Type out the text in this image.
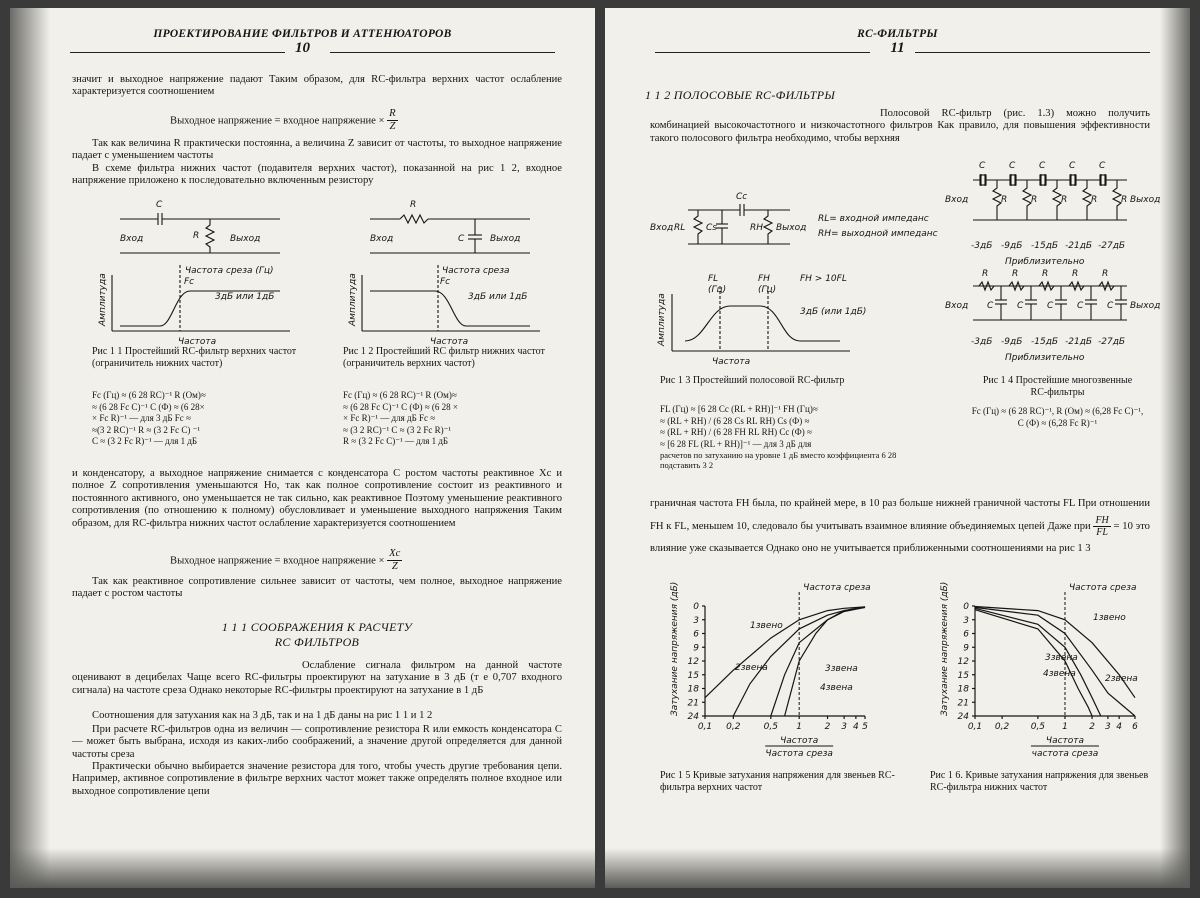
ПРОЕКТИРОВАНИЕ ФИЛЬТРОВ И АТТЕНЮАТОРОВ
10
значит и выходное напряжение падают Таким образом, для RC-фильтра верхних частот ослабление характеризуется соотношением
Выходное напряжение = входное напряжение × $\frac{R}{Z}$
Так как величина R практически постоянна, а величина Z зависит от частоты, то выходное напряжение падает с уменьшением частоты
В схеме фильтра нижних частот (подавителя верхних частот), показанной на рис 1 2, входное напряжение приложено к последовательно включенным резистору
C
R
Вход	Выход
Частота среза (Гц)
Fc
3дБ или 1дБ
Амплитуда
Частота
R
C
Вход	Выход
Частота среза
Fc
3дБ или 1дБ
Амплитуда
Частота
Рис 1 1 Простейший RC-фильтр верхних частот (ограничитель нижних частот)
Рис 1 2 Простейший RC фильтр нижних частот (ограничитель верхних частот)
Fc (Гц) ≈ (6 28 RC)⁻¹ R (Ом)≈
≈ (6 28 Fc C)⁻¹ C (Ф) ≈ (6 28×
× Fc R)⁻¹ — для 3 дБ Fc ≈
≈(3 2 RC)⁻¹ R ≈ (3 2 Fc C) ⁻¹
C ≈ (3 2 Fc R)⁻¹ — для 1 дБ
Fc (Гц) ≈ (6 28 RC)⁻¹ R (Ом)≈
≈ (6 28 Fc C)⁻¹ C (Ф) ≈ (6 28 ×
× Fc R)⁻¹ — для дБ Fc ≈
≈ (3 2 RC)⁻¹ C ≈ (3 2 Fc R)⁻¹
R ≈ (3 2 Fc C)⁻¹ — для 1 дБ
и конденсатору, а выходное напряжение снимается с конденсатора C ростом частоты реактивное Xc и полное Z сопротивления уменьшаются Но, так как полное сопротивление состоит из реактивного и постоянного активного, оно уменьшается не так сильно, как реактивное Поэтому уменьшение реактивного сопротивления (по отношению к полному) обусловливает и уменьшение выходного напряжения Таким образом, для RC-фильтра нижних частот ослабление характеризуется соотношением
Выходное напряжение = входное напряжение × $\frac{Xc}{Z}$
Так как реактивное сопротивление сильнее зависит от частоты, чем полное, выходное напряжение падает с ростом частоты
1 1 1 СООБРАЖЕНИЯ К РАСЧЕТУ
RC ФИЛЬТРОВ
Ослабление сигнала фильтром на данной частоте оценивают в децибелах Чаще всего RC-фильтры проектируют на затухание в 3 дБ (т е 0,707 входного сигнала) на частоте среза Однако некоторые RC-фильтры проектируют на затухание в 1 дБ
Соотношения для затухания как на 3 дБ, так и на 1 дБ даны на рис 1 1 и 1 2
При расчете RC-фильтров одна из величин — сопротивление резистора R или емкость конденсатора C — может быть выбрана, исходя из каких-либо соображений, а значение другой определяется для данной частоты среза
Практически обычно выбирается значение резистора для того, чтобы учесть другие требования цепи. Например, активное сопротивление в фильтре верхних частот может также определять полное входное или выходное сопротивление цепи
RC-ФИЛЬТРЫ
11
1 1 2 ПОЛОСОВЫЕ RC-ФИЛЬТРЫ
Полосовой RC-фильтр (рис. 1.3) можно получить комбинацией высокочастотного и низкочастотного фильтров Как правило, для повышения эффективности такого полосового фильтра необходимо, чтобы верхняя
Вход RL Cs	RH
Cc
Выход
RL= входной импеданс
RH= выходной импеданс
FL
(Гц)
FH
(Гц)
FH > 10FL
3дБ (или 1дБ)
Амплитуда
Частота
Вход	Выход
Вход	Выход
-3дБ -9дБ -15дБ -21дБ -27дБ
Приблизительно
-3дБ -9дБ -15дБ -21дБ -27дБ
Приблизительно
C
R
C
R
C
R
C
R
C
R
R
C
R
C
R
C
R
C
R
C
Рис 1 3 Простейший полосовой RC-фильтр	Рис 1 4 Простейшие многозвенные
RC-фильтры
FL (Гц) ≈ [6 28 Cc (RL + RH)]⁻¹ FH (Гц)≈
≈ (RL + RH) / (6 28 Cs RL RH) Cs (Ф) ≈
≈ (RL + RH) / (6 28 FH RL RH) Cc (Ф) ≈
≈ [6 28 FL (RL + RH)]⁻¹ — для 3 дБ для
расчетов по затуханию на уровне 1 дБ вместо коэффициента 6 28 подставить 3 2
Fc (Гц) ≈ (6 28 RC)⁻¹, R (Ом) ≈ (6,28 Fc C)⁻¹,
C (Ф) ≈ (6,28 Fc R)⁻¹
граничная частота FH была, по крайней мере, в 10 раз больше нижней граничной частоты FL При отношении FH к FL, меньшем 10, следовало бы учитывать взаимное влияние объединяемых цепей Даже при $\frac{FH}{FL} = 10$ это влияние уже сказывается Однако оно не учитывается приближенными соотношениями на рис 1 3
0
3
6
9
12
15
18
21
24
0,1 0,2	0,5 1	2 3 4 5
Частота среза
Затухание напряжения (дБ)
Частота
Частота среза
1звено
2звена	3звена
4звена
0
3
6
9
12
15
18
21
24
0,1 0,2 0,5 1 2 3 4 6
Частота среза
Затухание напряжения (дБ)
Частота
частота среза
1звено
2звена
3звена
4звена
Рис 1 5 Кривые затухания напряжения для звеньев RC-фильтра верхних частот
Рис 1 6. Кривые затухания напряжения для звеньев RC-фильтра нижних частот
